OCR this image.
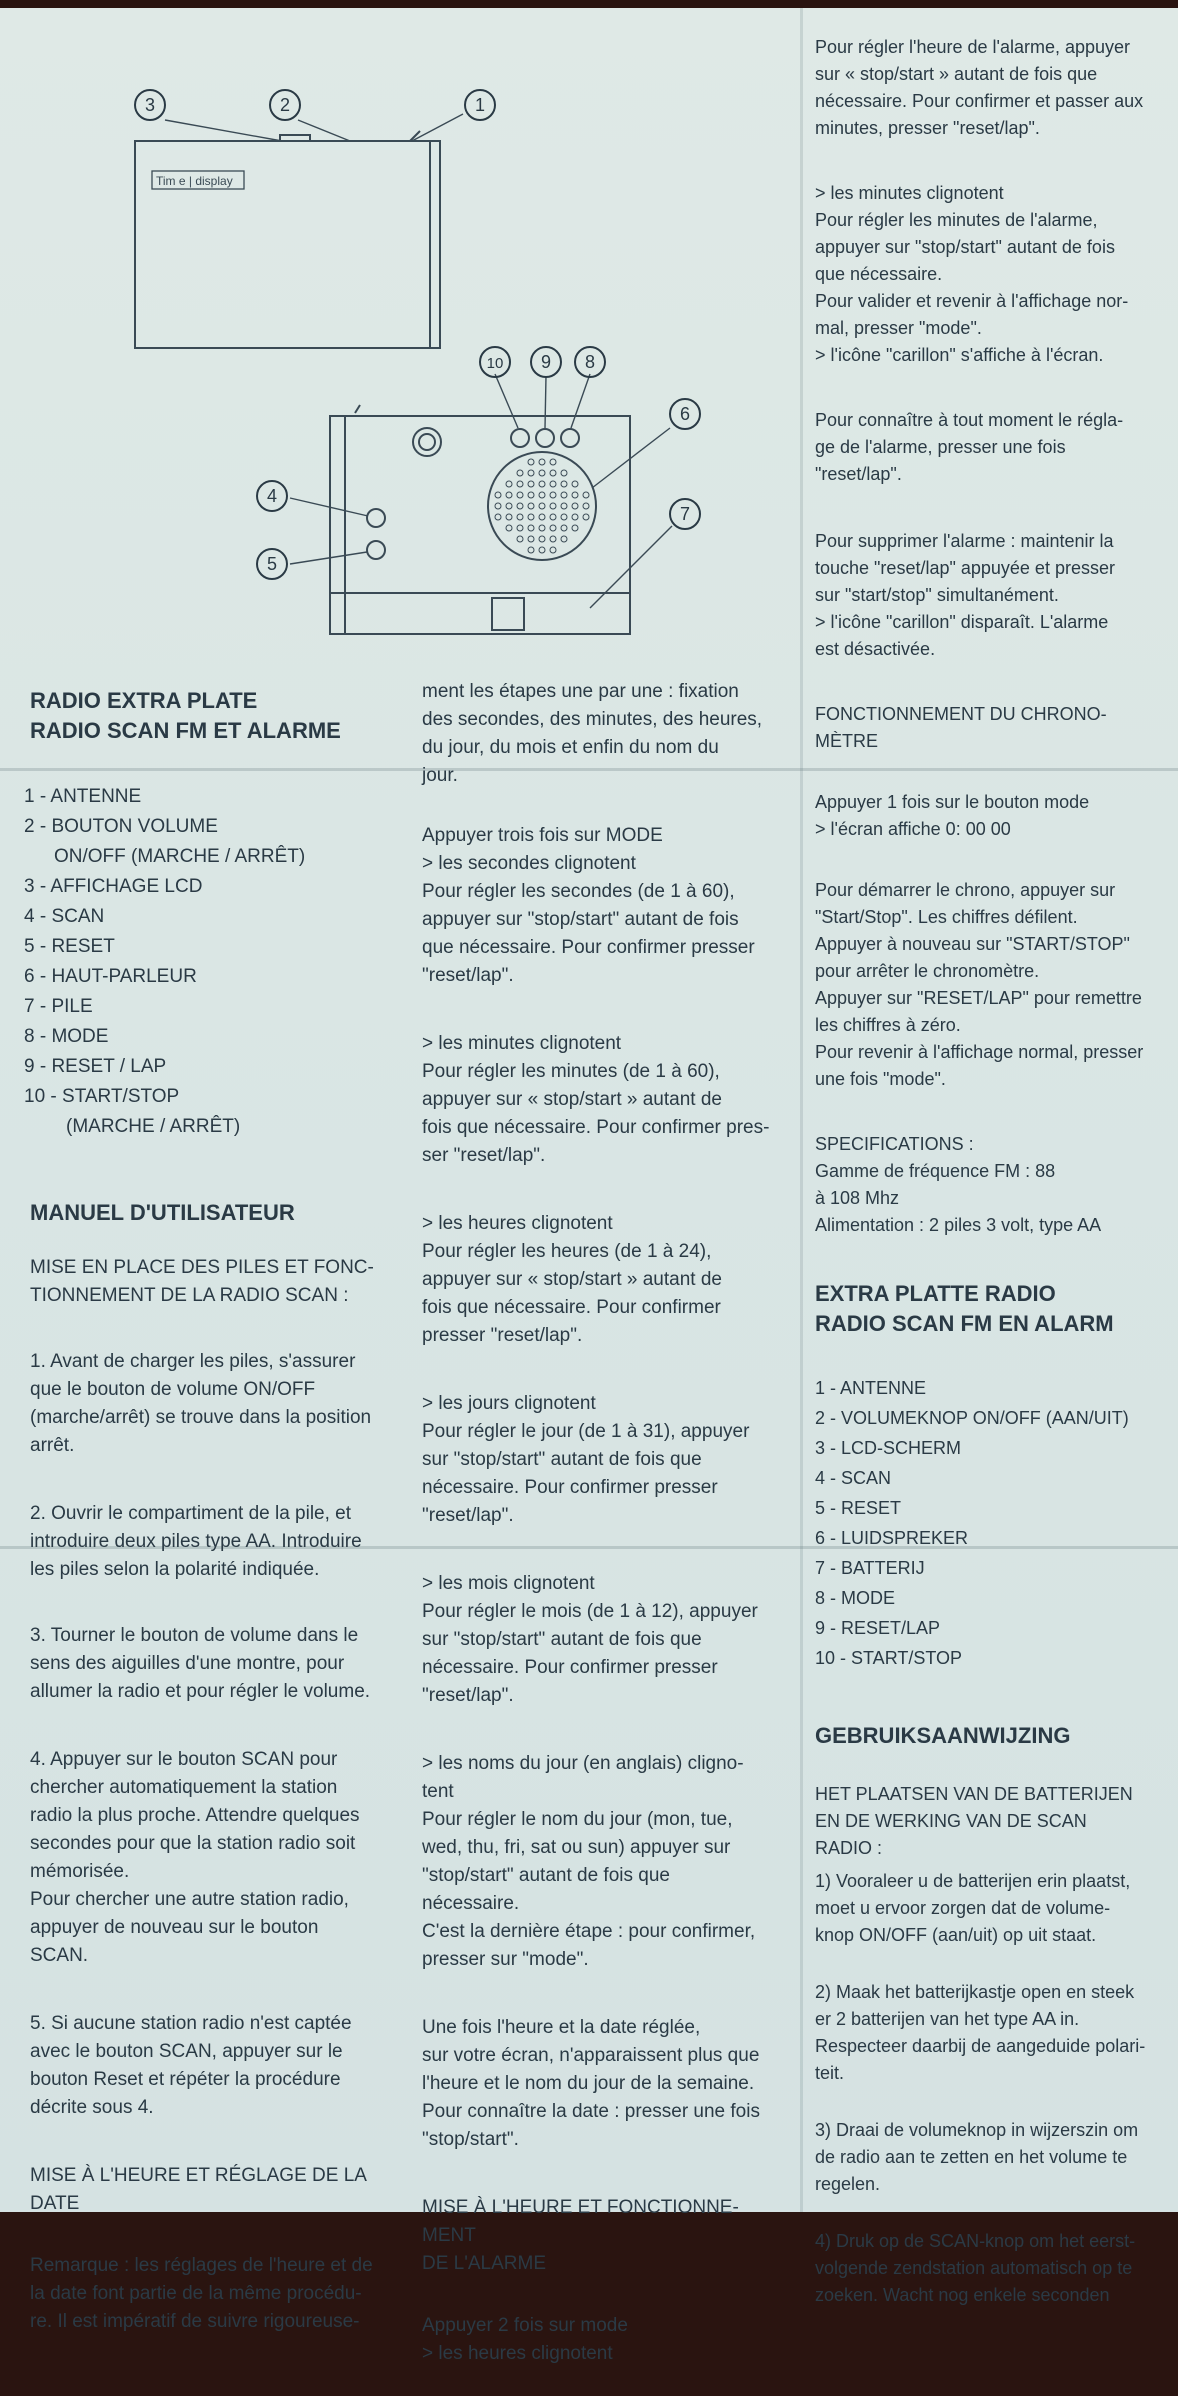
Tim e | display
3	2	1
10 9 8
6
4
7
5
RADIO EXTRA PLATE
RADIO SCAN FM ET ALARME
1 - ANTENNE
2 - BOUTON VOLUME
ON/OFF (MARCHE / ARRÊT)
3 - AFFICHAGE LCD
4 - SCAN
5 - RESET
6 - HAUT-PARLEUR
7 - PILE
8 - MODE
9 - RESET / LAP
10 - START/STOP
(MARCHE / ARRÊT)
MANUEL D'UTILISATEUR

MISE EN PLACE DES PILES ET FONC-
TIONNEMENT DE LA RADIO SCAN :

1. Avant de charger les piles, s'assurer
que le bouton de volume ON/OFF
(marche/arrêt) se trouve dans la position
arrêt.

2. Ouvrir le compartiment de la pile, et
introduire deux piles type AA. Introduire
les piles selon la polarité indiquée.

3. Tourner le bouton de volume dans le
sens des aiguilles d'une montre, pour
allumer la radio et pour régler le volume.

4. Appuyer sur le bouton SCAN pour
chercher automatiquement la station
radio la plus proche. Attendre quelques
secondes pour que la station radio soit
mémorisée.
Pour chercher une autre station radio,
appuyer de nouveau sur le bouton
SCAN.

5. Si aucune station radio n'est captée
avec le bouton SCAN, appuyer sur le
bouton Reset et répéter la procédure
décrite sous 4.

MISE À L'HEURE ET RÉGLAGE DE LA
DATE

Remarque : les réglages de l'heure et de
la date font partie de la même procédu-
re. Il est impératif de suivre rigoureuse-

ment les étapes une par une : fixation
des secondes, des minutes, des heures,
du jour, du mois et enfin du nom du
jour.

Appuyer trois fois sur MODE
> les secondes clignotent
Pour régler les secondes (de 1 à 60),
appuyer sur "stop/start" autant de fois
que nécessaire. Pour confirmer presser
"reset/lap".

> les minutes clignotent
Pour régler les minutes (de 1 à 60),
appuyer sur « stop/start » autant de
fois que nécessaire. Pour confirmer pres-
ser "reset/lap".

> les heures clignotent
Pour régler les heures (de 1 à 24),
appuyer sur « stop/start » autant de
fois que nécessaire. Pour confirmer
presser "reset/lap".

> les jours clignotent
Pour régler le jour (de 1 à 31), appuyer
sur "stop/start" autant de fois que
nécessaire. Pour confirmer presser
"reset/lap".

> les mois clignotent
Pour régler le mois (de 1 à 12), appuyer
sur "stop/start" autant de fois que
nécessaire. Pour confirmer presser
"reset/lap".

> les noms du jour (en anglais) cligno-
tent
Pour régler le nom du jour (mon, tue,
wed, thu, fri, sat ou sun) appuyer sur
"stop/start" autant de fois que
nécessaire.
C'est la dernière étape : pour confirmer,
presser sur "mode".

Une fois l'heure et la date réglée,
sur votre écran, n'apparaissent plus que
l'heure et le nom du jour de la semaine.
Pour connaître la date : presser une fois
"stop/start".

MISE À L'HEURE ET FONCTIONNE-
MENT
DE L'ALARME

Appuyer 2 fois sur mode
> les heures clignotent

Pour régler l'heure de l'alarme, appuyer
sur « stop/start » autant de fois que
nécessaire. Pour confirmer et passer aux
minutes, presser "reset/lap".

> les minutes clignotent
Pour régler les minutes de l'alarme,
appuyer sur "stop/start" autant de fois
que nécessaire.
Pour valider et revenir à l'affichage nor-
mal, presser "mode".
> l'icône "carillon" s'affiche à l'écran.

Pour connaître à tout moment le régla-
ge de l'alarme, presser une fois
"reset/lap".

Pour supprimer l'alarme : maintenir la
touche "reset/lap" appuyée et presser
sur "start/stop" simultanément.
> l'icône "carillon" disparaît. L'alarme
est désactivée.

FONCTIONNEMENT DU CHRONO-
MÈTRE

Appuyer 1 fois sur le bouton mode
> l'écran affiche 0: 00 00

Pour démarrer le chrono, appuyer sur
"Start/Stop". Les chiffres défilent.
Appuyer à nouveau sur "START/STOP"
pour arrêter le chronomètre.
Appuyer sur "RESET/LAP" pour remettre
les chiffres à zéro.
Pour revenir à l'affichage normal, presser
une fois "mode".

SPECIFICATIONS :
Gamme de fréquence FM : 88
à 108 Mhz
Alimentation : 2 piles 3 volt, type AA

EXTRA PLATTE RADIO
RADIO SCAN FM EN ALARM
1 - ANTENNE
2 - VOLUMEKNOP ON/OFF (AAN/UIT)
3 - LCD-SCHERM
4 - SCAN
5 - RESET
6 - LUIDSPREKER
7 - BATTERIJ
8 - MODE
9 - RESET/LAP
10 - START/STOP
GEBRUIKSAANWIJZING

HET PLAATSEN VAN DE BATTERIJEN
EN DE WERKING VAN DE SCAN
RADIO :

1) Vooraleer u de batterijen erin plaatst,
moet u ervoor zorgen dat de volume-
knop ON/OFF (aan/uit) op uit staat.

2) Maak het batterijkastje open en steek
er 2 batterijen van het type AA in.
Respecteer daarbij de aangeduide polari-
teit.

3) Draai de volumeknop in wijzerszin om
de radio aan te zetten en het volume te
regelen.

4) Druk op de SCAN-knop om het eerst-
volgende zendstation automatisch op te
zoeken. Wacht nog enkele seconden
